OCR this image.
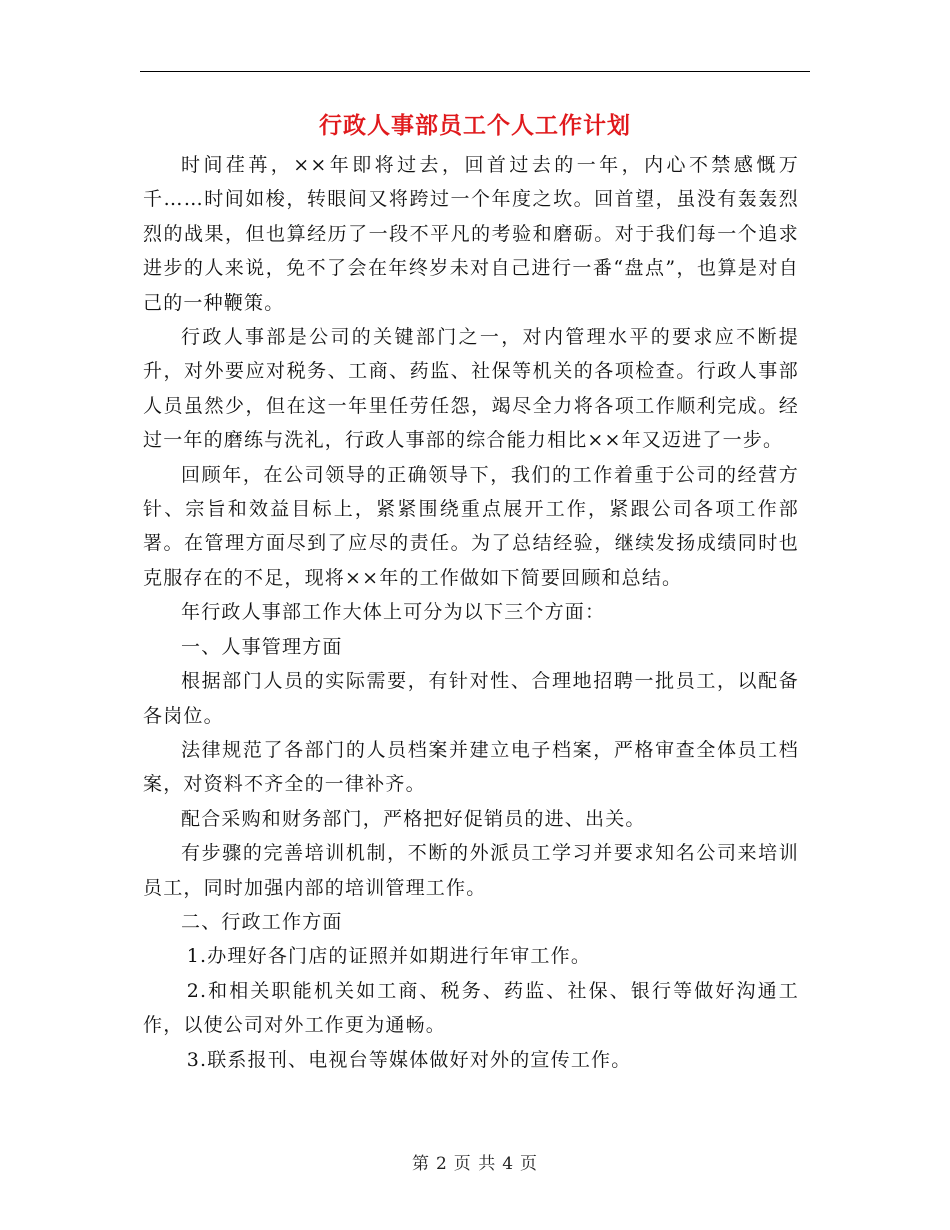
行政人事部员工个人工作计划

时间荏苒，××年即将过去，回首过去的一年，内心不禁感慨万千……时间如梭，转眼间又将跨过一个年度之坎。回首望，虽没有轰轰烈烈的战果，但也算经历了一段不平凡的考验和磨砺。对于我们每一个追求进步的人来说，免不了会在年终岁未对自己进行一番“盘点”，也算是对自己的一种鞭策。

行政人事部是公司的关键部门之一，对内管理水平的要求应不断提升，对外要应对税务、工商、药监、社保等机关的各项检查。行政人事部人员虽然少，但在这一年里任劳任怨，竭尽全力将各项工作顺利完成。经过一年的磨练与洗礼，行政人事部的综合能力相比××年又迈进了一步。

回顾年，在公司领导的正确领导下，我们的工作着重于公司的经营方针、宗旨和效益目标上，紧紧围绕重点展开工作，紧跟公司各项工作部署。在管理方面尽到了应尽的责任。为了总结经验，继续发扬成绩同时也克服存在的不足，现将××年的工作做如下简要回顾和总结。

年行政人事部工作大体上可分为以下三个方面：

一、人事管理方面

根据部门人员的实际需要，有针对性、合理地招聘一批员工，以配备各岗位。

法律规范了各部门的人员档案并建立电子档案，严格审查全体员工档案，对资料不齐全的一律补齐。

配合采购和财务部门，严格把好促销员的进、出关。

有步骤的完善培训机制，不断的外派员工学习并要求知名公司来培训员工，同时加强内部的培训管理工作。

二、行政工作方面

1.办理好各门店的证照并如期进行年审工作。

2.和相关职能机关如工商、税务、药监、社保、银行等做好沟通工作，以使公司对外工作更为通畅。

3.联系报刊、电视台等媒体做好对外的宣传工作。

第 2 页 共 4 页
